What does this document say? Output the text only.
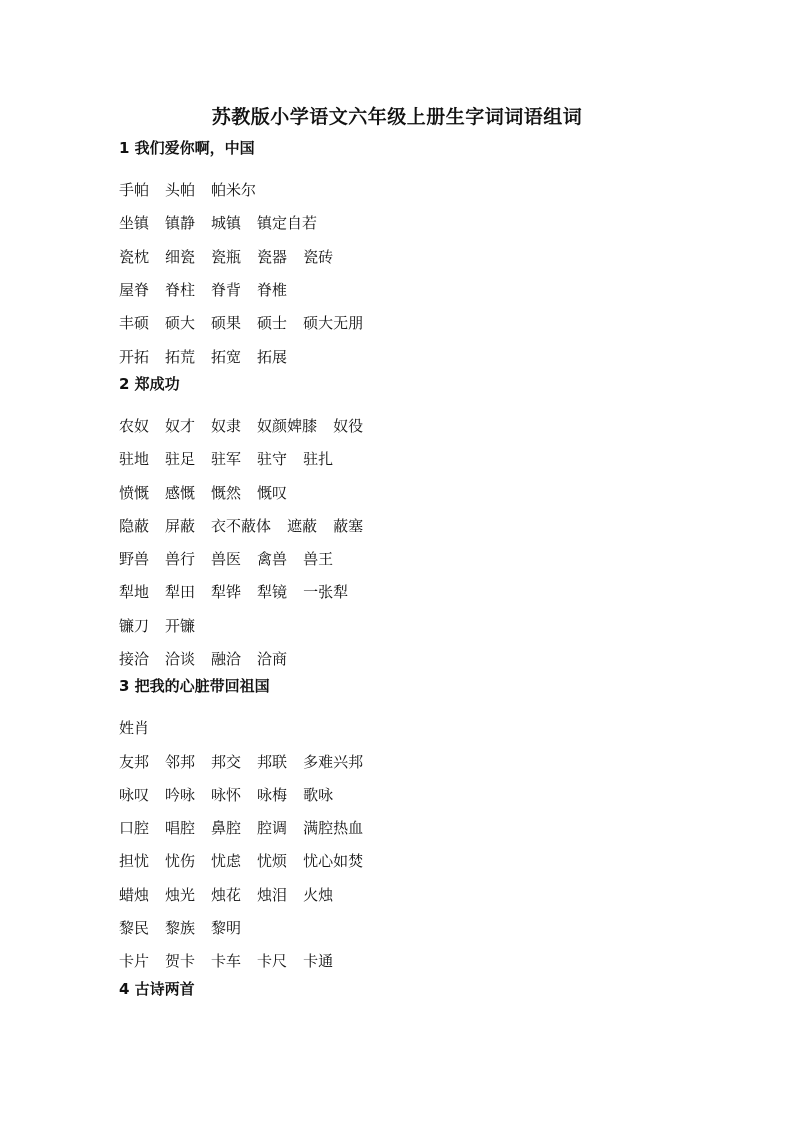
苏教版小学语文六年级上册生字词词语组词
1 我们爱你啊，中国
手帕 头帕 帕米尔
坐镇 镇静 城镇 镇定自若
瓷枕 细瓷 瓷瓶 瓷器 瓷砖
屋脊 脊柱 脊背 脊椎
丰硕 硕大 硕果 硕士 硕大无朋
开拓 拓荒 拓宽 拓展
2 郑成功
农奴 奴才 奴隶 奴颜婢膝 奴役
驻地 驻足 驻军 驻守 驻扎
愤慨 感慨 慨然 慨叹
隐蔽 屏蔽 衣不蔽体 遮蔽 蔽塞
野兽 兽行 兽医 禽兽 兽王
犁地 犁田 犁铧 犁镜 一张犁
镰刀 开镰
接洽 洽谈 融洽 洽商
3 把我的心脏带回祖国
姓肖
友邦 邻邦 邦交 邦联 多难兴邦
咏叹 吟咏 咏怀 咏梅 歌咏
口腔 唱腔 鼻腔 腔调 满腔热血
担忧 忧伤 忧虑 忧烦 忧心如焚
蜡烛 烛光 烛花 烛泪 火烛
黎民 黎族 黎明
卡片 贺卡 卡车 卡尺 卡通
4 古诗两首
